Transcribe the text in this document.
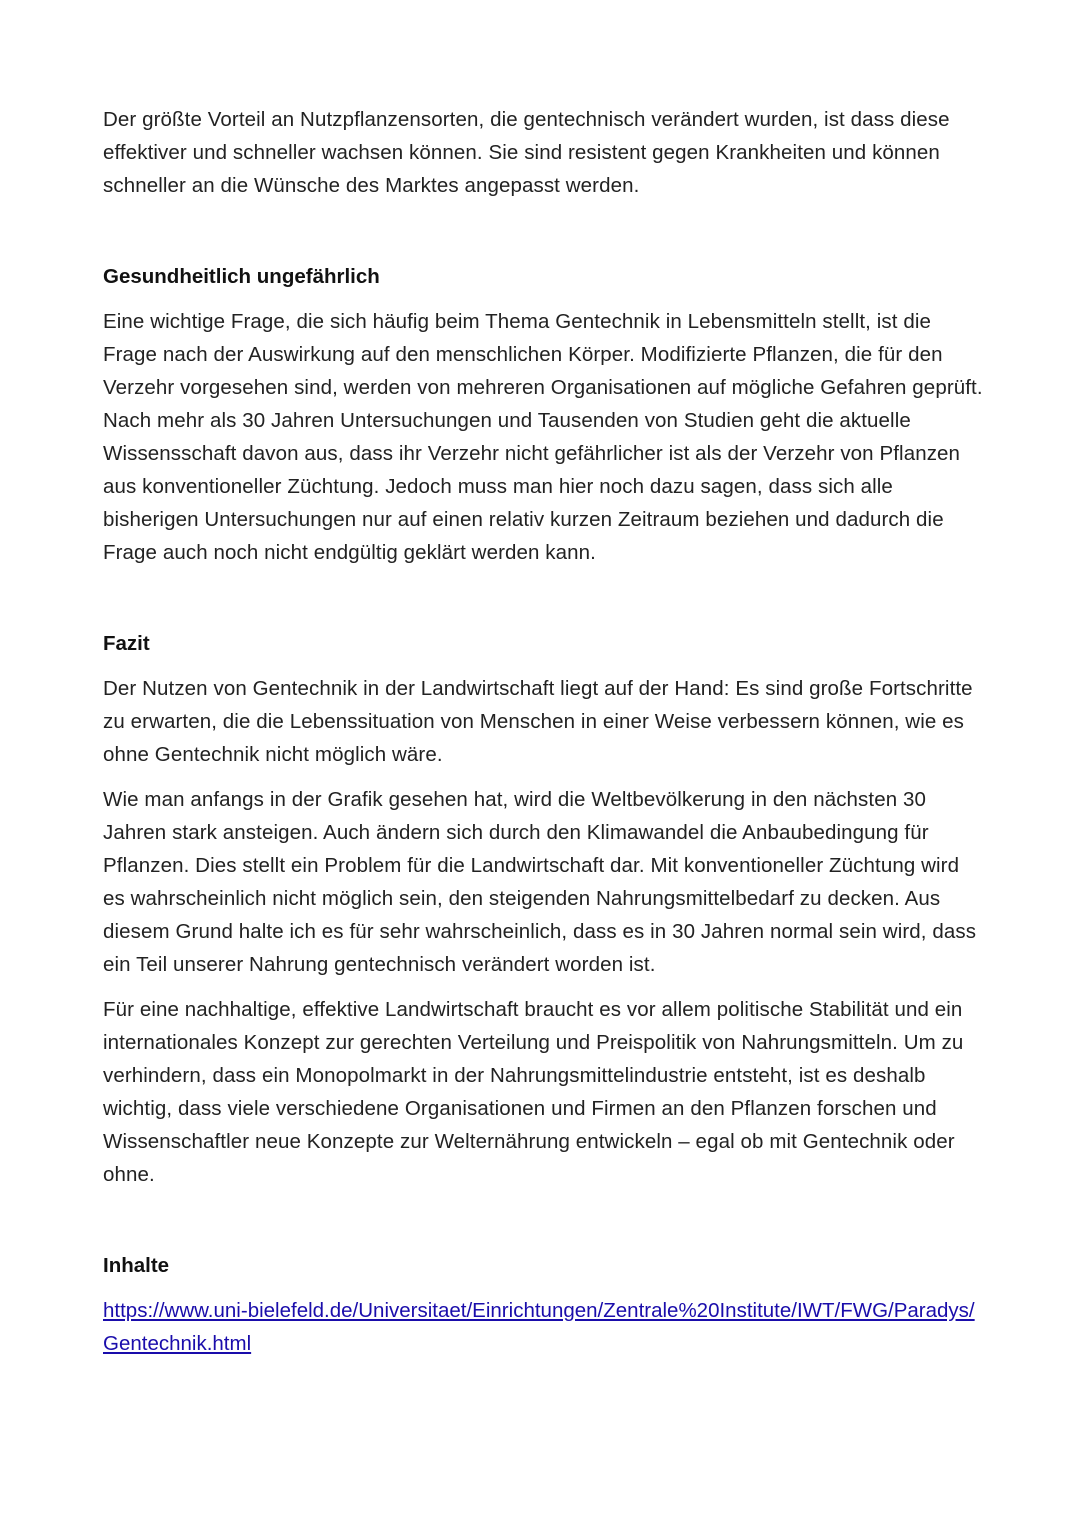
Der größte Vorteil an Nutzpflanzensorten, die gentechnisch verändert wurden, ist dass diese effektiver und schneller wachsen können. Sie sind resistent gegen Krankheiten und können schneller an die Wünsche des Marktes angepasst werden.

Gesundheitlich ungefährlich

Eine wichtige Frage, die sich häufig beim Thema Gentechnik in Lebensmitteln stellt, ist die Frage nach der Auswirkung auf den menschlichen Körper. Modifizierte Pflanzen, die für den Verzehr vorgesehen sind, werden von mehreren Organisationen auf mögliche Gefahren geprüft. Nach mehr als 30 Jahren Untersuchungen und Tausenden von Studien geht die aktuelle Wissensschaft davon aus, dass ihr Verzehr nicht gefährlicher ist als der Verzehr von Pflanzen aus konventioneller Züchtung. Jedoch muss man hier noch dazu sagen, dass sich alle bisherigen Untersuchungen nur auf einen relativ kurzen Zeitraum beziehen und dadurch die Frage auch noch nicht endgültig geklärt werden kann.

Fazit

Der Nutzen von Gentechnik in der Landwirtschaft liegt auf der Hand: Es sind große Fortschritte zu erwarten, die die Lebenssituation von Menschen in einer Weise verbessern können, wie es ohne Gentechnik nicht möglich wäre.

Wie man anfangs in der Grafik gesehen hat, wird die Weltbevölkerung in den nächsten 30 Jahren stark ansteigen. Auch ändern sich durch den Klimawandel die Anbaubedingung für Pflanzen. Dies stellt ein Problem für die Landwirtschaft dar. Mit konventioneller Züchtung wird es wahrscheinlich nicht möglich sein, den steigenden Nahrungsmittelbedarf zu decken. Aus diesem Grund halte ich es für sehr wahrscheinlich, dass es in 30 Jahren normal sein wird, dass ein Teil unserer Nahrung gentechnisch verändert worden ist.

Für eine nachhaltige, effektive Landwirtschaft braucht es vor allem politische Stabilität und ein internationales Konzept zur gerechten Verteilung und Preispolitik von Nahrungsmitteln. Um zu verhindern, dass ein Monopolmarkt in der Nahrungsmittelindustrie entsteht, ist es deshalb wichtig, dass viele verschiedene Organisationen und Firmen an den Pflanzen forschen und Wissenschaftler neue Konzepte zur Welternährung entwickeln – egal ob mit Gentechnik oder ohne.

Inhalte
https://www.uni-bielefeld.de/Universitaet/Einrichtungen/Zentrale%20Institute/IWT/FWG/Paradys/Gentechnik.html
